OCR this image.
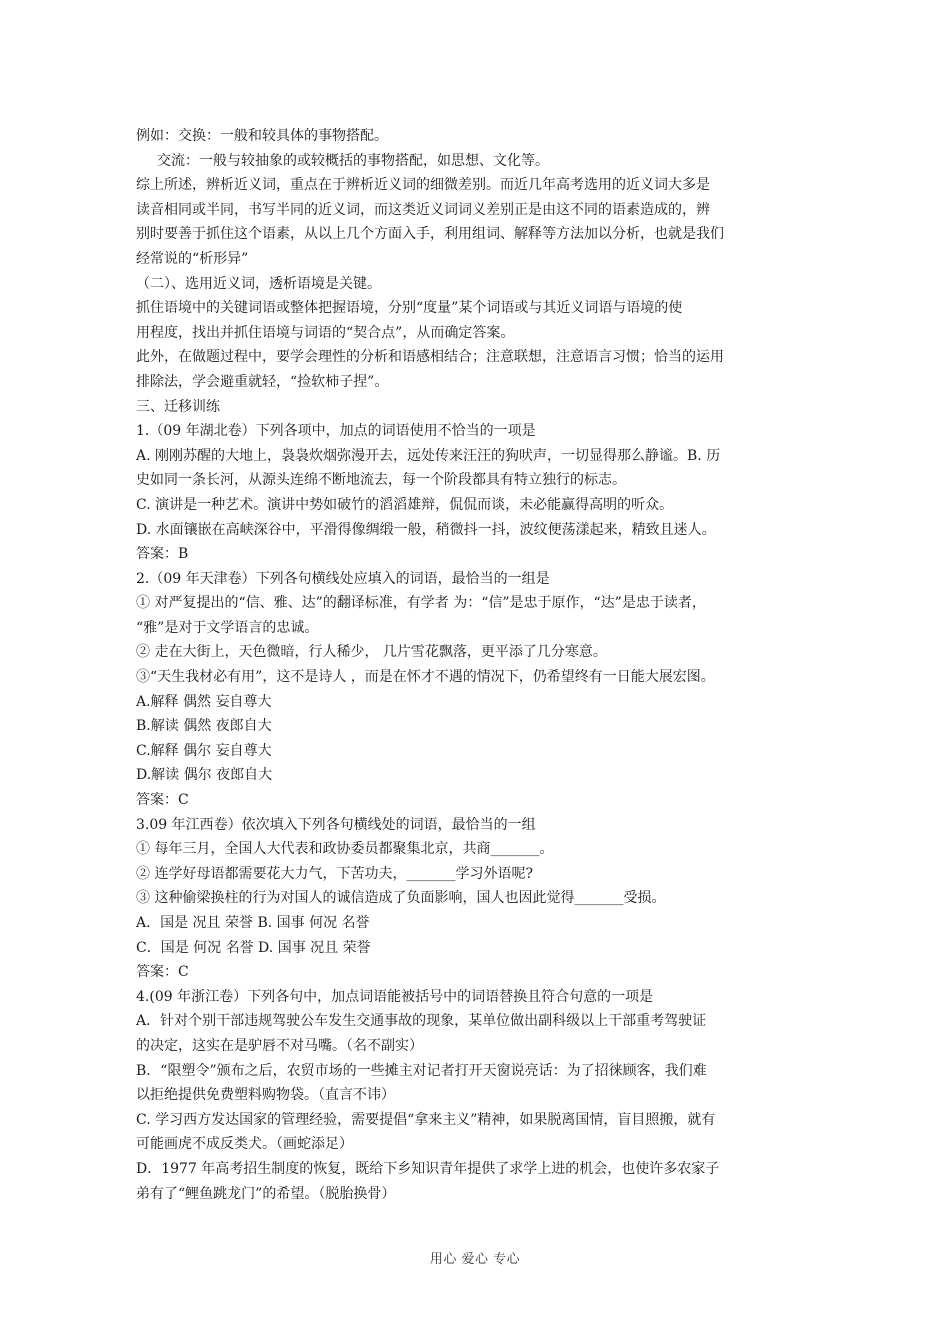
例如：交换：一般和较具体的事物搭配。
交流：一般与较抽象的或较概括的事物搭配，如思想、文化等。
综上所述，辨析近义词，重点在于辨析近义词的细微差别。而近几年高考选用的近义词大多是
读音相同或半同，书写半同的近义词，而这类近义词词义差别正是由这不同的语素造成的，辨
别时要善于抓住这个语素，从以上几个方面入手，利用组词、解释等方法加以分析，也就是我们
经常说的“析形异”
（二）、选用近义词，透析语境是关键。
抓住语境中的关键词语或整体把握语境，分别“度量”某个词语或与其近义词语与语境的使
用程度，找出并抓住语境与词语的“契合点”，从而确定答案。
此外，在做题过程中，要学会理性的分析和语感相结合；注意联想，注意语言习惯；恰当的运用
排除法，学会避重就轻，“捡软柿子捏”。
三、迁移训练
1.（09 年湖北卷）下列各项中，加点的词语使用不恰当的一项是
A. 刚刚苏醒的大地上，袅袅炊烟弥漫开去，远处传来汪汪的狗吠声，一切显得那么静谧。B. 历
史如同一条长河，从源头连绵不断地流去，每一个阶段都具有特立独行的标志。
C. 演讲是一种艺术。演讲中势如破竹的滔滔雄辩，侃侃而谈，未必能赢得高明的听众。
D. 水面镶嵌在高峡深谷中，平滑得像绸缎一般，稍微抖一抖，波纹便荡漾起来，精致且迷人。
答案：B
2.（09 年天津卷）下列各句横线处应填入的词语，最恰当的一组是
① 对严复提出的“信、雅、达”的翻译标准，有学者 为：“信”是忠于原作，“达”是忠于读者，
“雅”是对于文学语言的忠诚。
② 走在大街上，天色微暗，行人稀少， 几片雪花飘落，更平添了几分寒意。
③“天生我材必有用”，这不是诗人 ，而是在怀才不遇的情况下，仍希望终有一日能大展宏图。
A.解释 偶然 妄自尊大
B.解读 偶然 夜郎自大
C.解释 偶尔 妄自尊大
D.解读 偶尔 夜郎自大
答案：C
3.09 年江西卷）依次填入下列各句横线处的词语，最恰当的一组
① 每年三月，全国人大代表和政协委员都聚集北京，共商_______。
② 连学好母语都需要花大力气，下苦功夫，_______学习外语呢?
③ 这种偷梁换柱的行为对国人的诚信造成了负面影响，国人也因此觉得_______受损。
A．国是 况且 荣誉 B. 国事 何况 名誉
C．国是 何况 名誉 D. 国事 况且 荣誉
答案：C
4.(09 年浙江卷）下列各句中，加点词语能被括号中的词语替换且符合句意的一项是
A．针对个别干部违规驾驶公车发生交通事故的现象，某单位做出副科级以上干部重考驾驶证
的决定，这实在是驴唇不对马嘴。（名不副实）
B．“限塑令”颁布之后，农贸市场的一些摊主对记者打开天窗说亮话：为了招徕顾客，我们难
以拒绝提供免费塑料购物袋。（直言不讳）
C. 学习西方发达国家的管理经验，需要提倡“拿来主义”精神，如果脱离国情，盲目照搬，就有
可能画虎不成反类犬。（画蛇添足）
D．1977 年高考招生制度的恢复，既给下乡知识青年提供了求学上进的机会，也使许多农家子
弟有了“鲤鱼跳龙门”的希望。（脱胎换骨）
用心 爱心 专心
